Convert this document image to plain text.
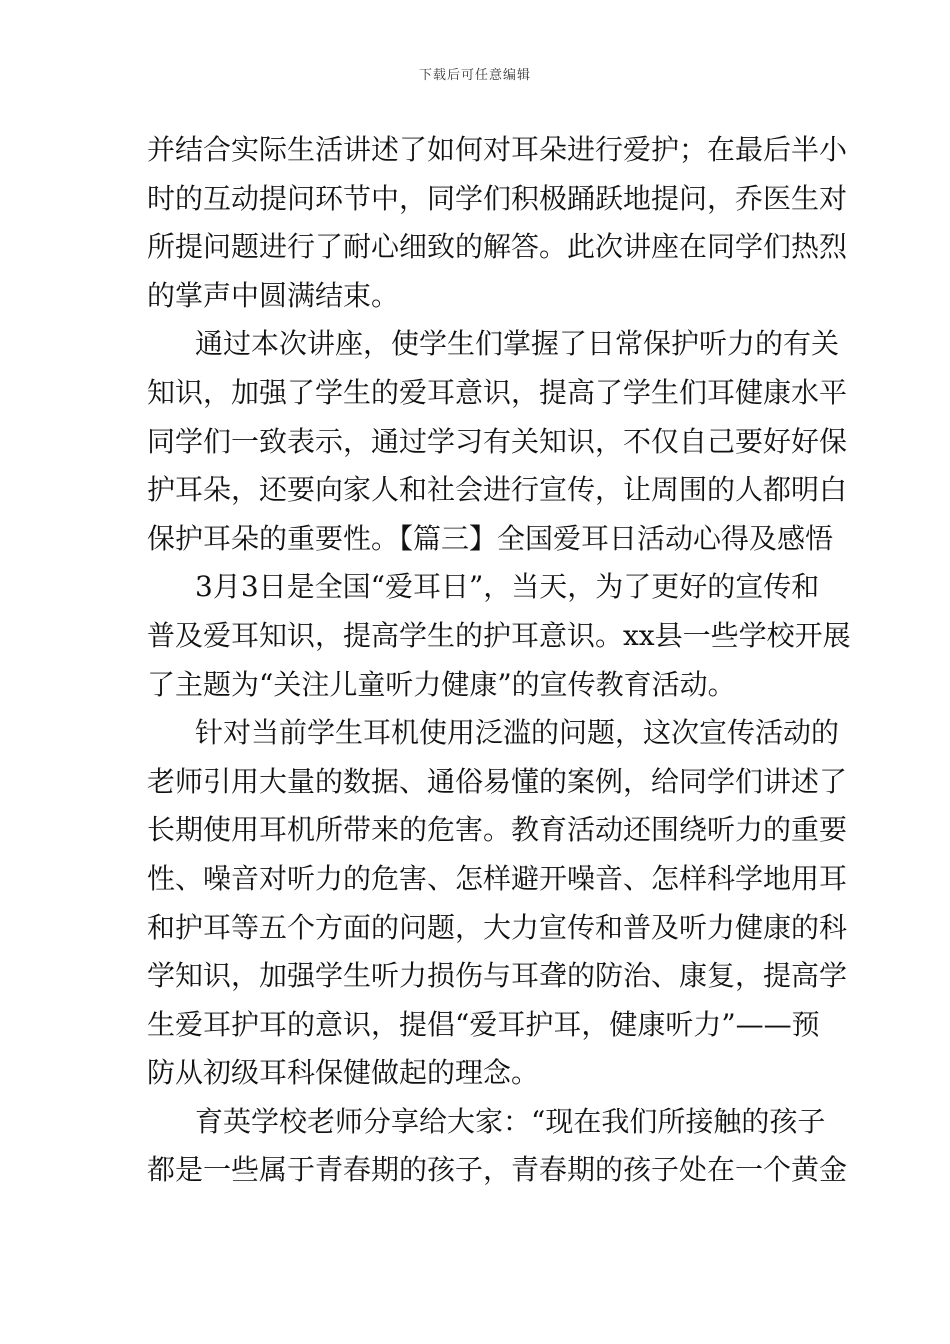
下载后可任意编辑
并结合实际生活讲述了如何对耳朵进行爱护；在最后半小
时的互动提问环节中，同学们积极踊跃地提问，乔医生对
所提问题进行了耐心细致的解答。此次讲座在同学们热烈
的掌声中圆满结束。
通过本次讲座，使学生们掌握了日常保护听力的有关
知识，加强了学生的爱耳意识，提高了学生们耳健康水平
同学们一致表示，通过学习有关知识，不仅自己要好好保
护耳朵，还要向家人和社会进行宣传，让周围的人都明白
保护耳朵的重要性。【篇三】全国爱耳日活动心得及感悟
3月3日是全国“爱耳日”，当天，为了更好的宣传和
普及爱耳知识，提高学生的护耳意识。xx县一些学校开展
了主题为“关注儿童听力健康”的宣传教育活动。
针对当前学生耳机使用泛滥的问题，这次宣传活动的
老师引用大量的数据、通俗易懂的案例，给同学们讲述了
长期使用耳机所带来的危害。教育活动还围绕听力的重要
性、噪音对听力的危害、怎样避开噪音、怎样科学地用耳
和护耳等五个方面的问题，大力宣传和普及听力健康的科
学知识，加强学生听力损伤与耳聋的防治、康复，提高学
生爱耳护耳的意识，提倡“爱耳护耳，健康听力”——预
防从初级耳科保健做起的理念。
育英学校老师分享给大家：“现在我们所接触的孩子
都是一些属于青春期的孩子，青春期的孩子处在一个黄金
